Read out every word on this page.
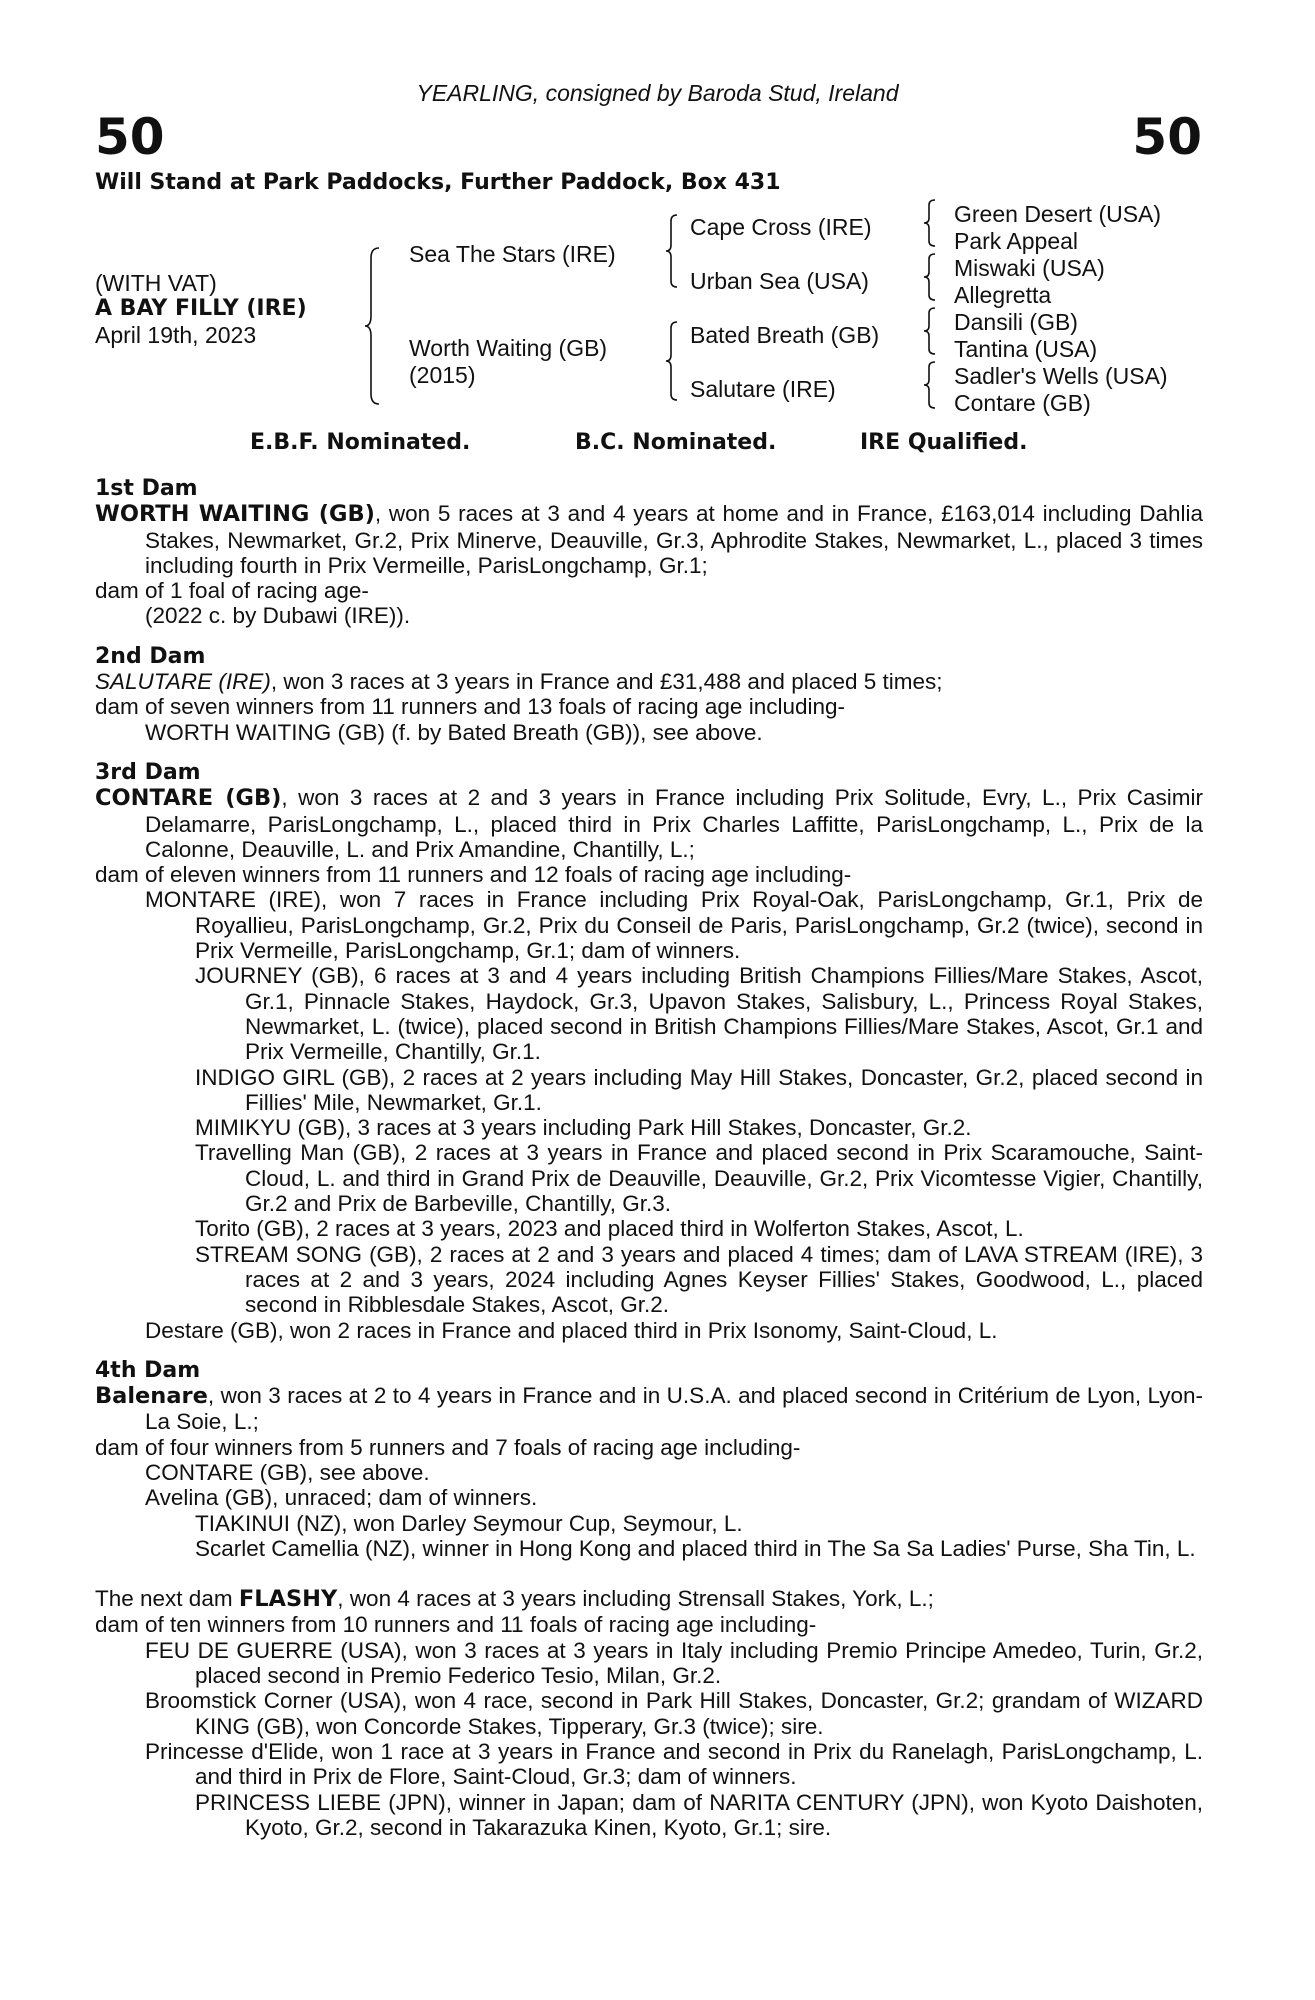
YEARLING, consigned by Baroda Stud, Ireland
50	50
Will Stand at Park Paddocks, Further Paddock, Box 431
(WITH VAT)
A BAY FILLY (IRE)
April 19th, 2023
Sea The Stars (IRE)
Worth Waiting (GB)
(2015)
Cape Cross (IRE)
Urban Sea (USA)
Bated Breath (GB)
Salutare (IRE)
Green Desert (USA)
Park Appeal
Miswaki (USA)
Allegretta
Dansili (GB)
Tantina (USA)
Sadler's Wells (USA)
Contare (GB)
E.B.F. Nominated.	B.C. Nominated.	IRE Qualified.
1st Dam
WORTH WAITING (GB), won 5 races at 3 and 4 years at home and in France, £163,014 including Dahlia Stakes, Newmarket, Gr.2, Prix Minerve, Deauville, Gr.3, Aphrodite Stakes, Newmarket, L., placed 3 times including fourth in Prix Vermeille, ParisLongchamp, Gr.1;
dam of 1 foal of racing age-
(2022 c. by Dubawi (IRE)).
2nd Dam
SALUTARE (IRE), won 3 races at 3 years in France and £31,488 and placed 5 times;
dam of seven winners from 11 runners and 13 foals of racing age including-
WORTH WAITING (GB) (f. by Bated Breath (GB)), see above.
3rd Dam
CONTARE (GB), won 3 races at 2 and 3 years in France including Prix Solitude, Evry, L., Prix Casimir Delamarre, ParisLongchamp, L., placed third in Prix Charles Laffitte, ParisLongchamp, L., Prix de la Calonne, Deauville, L. and Prix Amandine, Chantilly, L.;
dam of eleven winners from 11 runners and 12 foals of racing age including-
MONTARE (IRE), won 7 races in France including Prix Royal-Oak, ParisLongchamp, Gr.1, Prix de Royallieu, ParisLongchamp, Gr.2, Prix du Conseil de Paris, ParisLongchamp, Gr.2 (twice), second in Prix Vermeille, ParisLongchamp, Gr.1; dam of winners.
JOURNEY (GB), 6 races at 3 and 4 years including British Champions Fillies/Mare Stakes, Ascot, Gr.1, Pinnacle Stakes, Haydock, Gr.3, Upavon Stakes, Salisbury, L., Princess Royal Stakes, Newmarket, L. (twice), placed second in British Champions Fillies/Mare Stakes, Ascot, Gr.1 and Prix Vermeille, Chantilly, Gr.1.
INDIGO GIRL (GB), 2 races at 2 years including May Hill Stakes, Doncaster, Gr.2, placed second in Fillies' Mile, Newmarket, Gr.1.
MIMIKYU (GB), 3 races at 3 years including Park Hill Stakes, Doncaster, Gr.2.
Travelling Man (GB), 2 races at 3 years in France and placed second in Prix Scaramouche, Saint-Cloud, L. and third in Grand Prix de Deauville, Deauville, Gr.2, Prix Vicomtesse Vigier, Chantilly, Gr.2 and Prix de Barbeville, Chantilly, Gr.3.
Torito (GB), 2 races at 3 years, 2023 and placed third in Wolferton Stakes, Ascot, L.
STREAM SONG (GB), 2 races at 2 and 3 years and placed 4 times; dam of LAVA STREAM (IRE), 3 races at 2 and 3 years, 2024 including Agnes Keyser Fillies' Stakes, Goodwood, L., placed second in Ribblesdale Stakes, Ascot, Gr.2.
Destare (GB), won 2 races in France and placed third in Prix Isonomy, Saint-Cloud, L.
4th Dam
Balenare, won 3 races at 2 to 4 years in France and in U.S.A. and placed second in Critérium de Lyon, Lyon-La Soie, L.;
dam of four winners from 5 runners and 7 foals of racing age including-
CONTARE (GB), see above.
Avelina (GB), unraced; dam of winners.
TIAKINUI (NZ), won Darley Seymour Cup, Seymour, L.
Scarlet Camellia (NZ), winner in Hong Kong and placed third in The Sa Sa Ladies' Purse, Sha Tin, L.
The next dam FLASHY, won 4 races at 3 years including Strensall Stakes, York, L.;
dam of ten winners from 10 runners and 11 foals of racing age including-
FEU DE GUERRE (USA), won 3 races at 3 years in Italy including Premio Principe Amedeo, Turin, Gr.2, placed second in Premio Federico Tesio, Milan, Gr.2.
Broomstick Corner (USA), won 4 race, second in Park Hill Stakes, Doncaster, Gr.2; grandam of WIZARD KING (GB), won Concorde Stakes, Tipperary, Gr.3 (twice); sire.
Princesse d'Elide, won 1 race at 3 years in France and second in Prix du Ranelagh, ParisLongchamp, L. and third in Prix de Flore, Saint-Cloud, Gr.3; dam of winners.
PRINCESS LIEBE (JPN), winner in Japan; dam of NARITA CENTURY (JPN), won Kyoto Daishoten, Kyoto, Gr.2, second in Takarazuka Kinen, Kyoto, Gr.1; sire.
